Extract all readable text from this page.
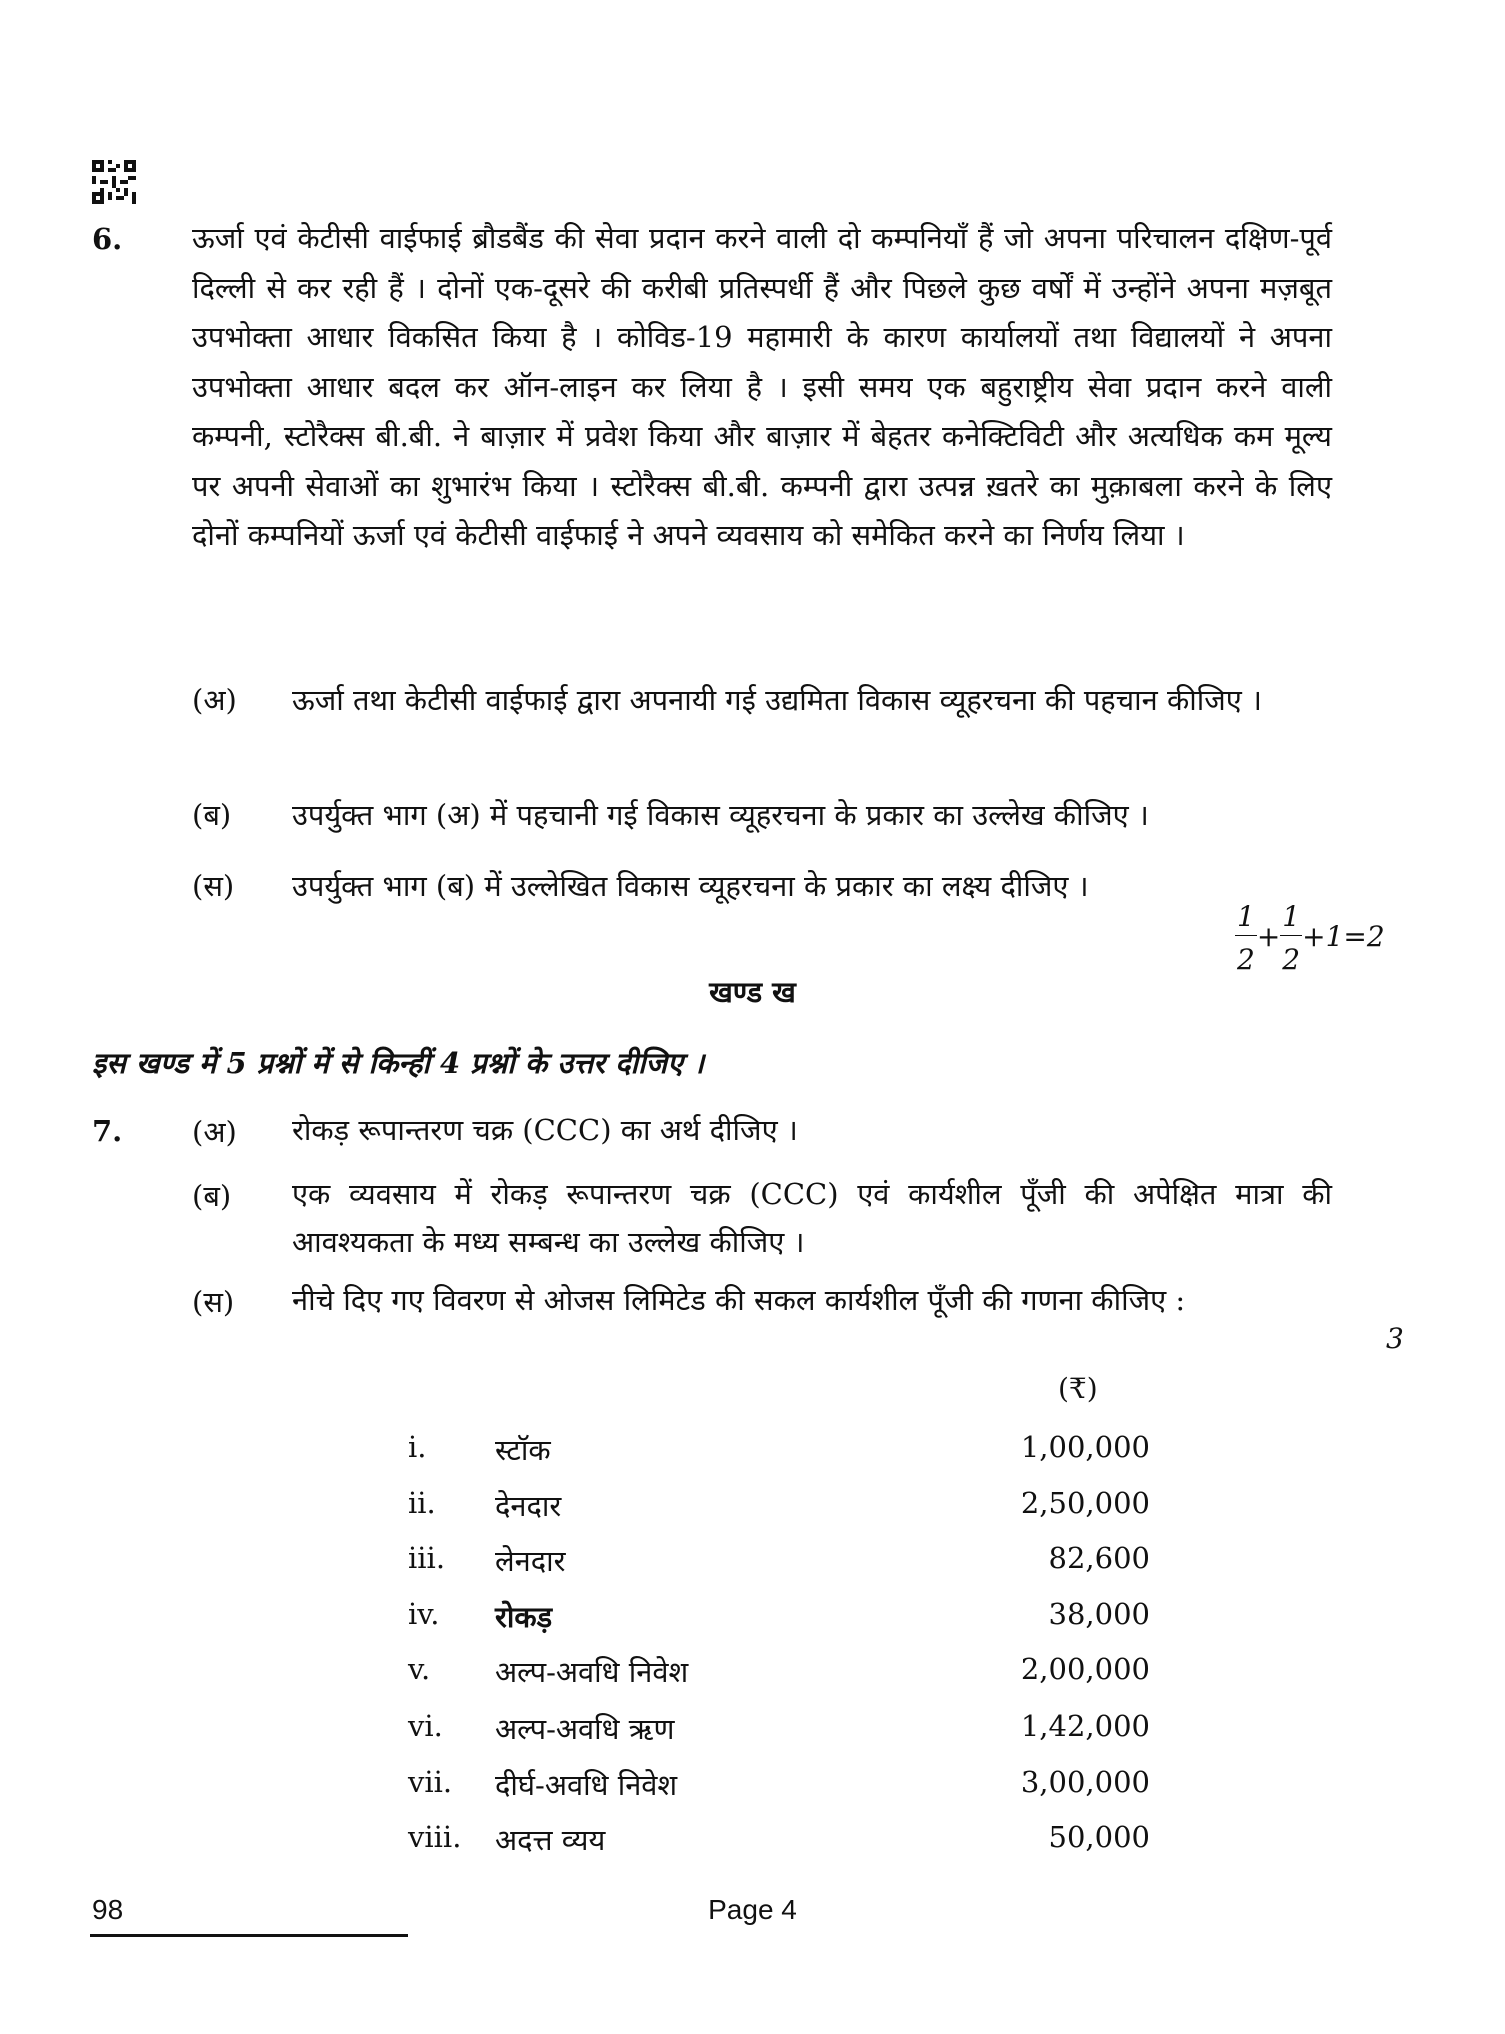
6. ऊर्जा एवं केटीसी वाईफाई ब्रौडबैंड की सेवा प्रदान करने वाली दो कम्पनियाँ हैं जो अपना परिचालन दक्षिण-पूर्व दिल्ली से कर रही हैं । दोनों एक-दूसरे की करीबी प्रतिस्पर्धी हैं और पिछले कुछ वर्षों में उन्होंने अपना मज़बूत उपभोक्ता आधार विकसित किया है । कोविड-19 महामारी के कारण कार्यालयों तथा विद्यालयों ने अपना उपभोक्ता आधार बदल कर ऑन-लाइन कर लिया है । इसी समय एक बहुराष्ट्रीय सेवा प्रदान करने वाली कम्पनी, स्टोरैक्स बी.बी. ने बाज़ार में प्रवेश किया और बाज़ार में बेहतर कनेक्टिविटी और अत्यधिक कम मूल्य पर अपनी सेवाओं का शुभारंभ किया । स्टोरैक्स बी.बी. कम्पनी द्वारा उत्पन्न ख़तरे का मुक़ाबला करने के लिए दोनों कम्पनियों ऊर्जा एवं केटीसी वाईफाई ने अपने व्यवसाय को समेकित करने का निर्णय लिया ।

(अ) ऊर्जा तथा केटीसी वाईफाई द्वारा अपनायी गई उद्यमिता विकास व्यूहरचना की पहचान कीजिए ।

(ब) उपर्युक्त भाग (अ) में पहचानी गई विकास व्यूहरचना के प्रकार का उल्लेख कीजिए ।

(स) उपर्युक्त भाग (ब) में उल्लेखित विकास व्यूहरचना के प्रकार का लक्ष्य दीजिए ।

$\frac{1}{2} + \frac{1}{2} +1=2$
खण्ड ख
इस खण्ड में 5 प्रश्नों में से किन्हीं 4 प्रश्नों के उत्तर दीजिए ।
7. (अ) रोकड़ रूपान्तरण चक्र (CCC) का अर्थ दीजिए ।

(ब) एक व्यवसाय में रोकड़ रूपान्तरण चक्र (CCC) एवं कार्यशील पूँजी की अपेक्षित मात्रा की आवश्यकता के मध्य सम्बन्ध का उल्लेख कीजिए ।

(स) नीचे दिए गए विवरण से ओजस लिमिटेड की सकल कार्यशील पूँजी की गणना कीजिए :

3
(₹)
i. स्टॉक	1,00,000
ii. देनदार	2,50,000
iii. लेनदार	82,600
iv. रोकड़	38,000
v. अल्प-अवधि निवेश	2,00,000
vi. अल्प-अवधि ऋण	1,42,000
vii. दीर्घ-अवधि निवेश	3,00,000
viii. अदत्त व्यय	50,000
98	Page 4
